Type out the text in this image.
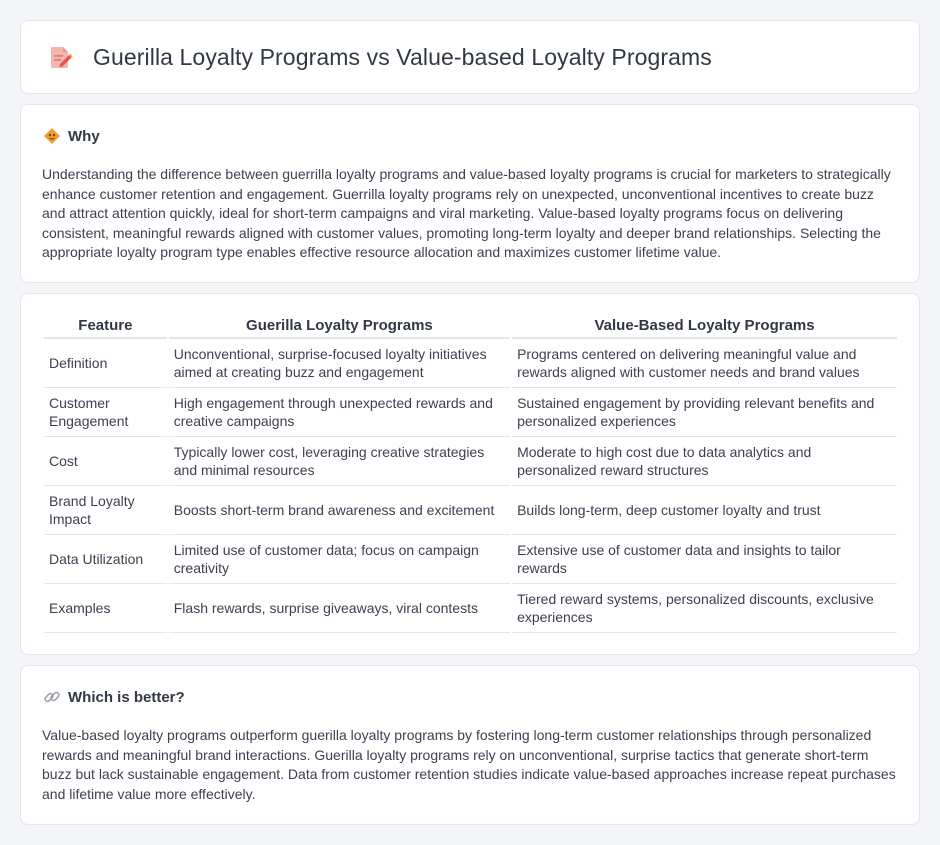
Guerilla Loyalty Programs vs Value-based Loyalty Programs
Why

Understanding the difference between guerrilla loyalty programs and value-based loyalty programs is crucial for marketers to strategically enhance customer retention and engagement. Guerrilla loyalty programs rely on unexpected, unconventional incentives to create buzz and attract attention quickly, ideal for short-term campaigns and viral marketing. Value-based loyalty programs focus on delivering consistent, meaningful rewards aligned with customer values, promoting long-term loyalty and deeper brand relationships. Selecting the appropriate loyalty program type enables effective resource allocation and maximizes customer lifetime value.

Feature	Guerilla Loyalty Programs	Value-Based Loyalty Programs
Definition	Unconventional, surprise-focused loyalty initiatives aimed at creating buzz and engagement	Programs centered on delivering meaningful value and rewards aligned with customer needs and brand values
Customer Engagement	High engagement through unexpected rewards and creative campaigns	Sustained engagement by providing relevant benefits and personalized experiences
Cost	Typically lower cost, leveraging creative strategies and minimal resources	Moderate to high cost due to data analytics and personalized reward structures
Brand Loyalty Impact	Boosts short-term brand awareness and excitement	Builds long-term, deep customer loyalty and trust
Data Utilization	Limited use of customer data; focus on campaign creativity	Extensive use of customer data and insights to tailor rewards
Examples	Flash rewards, surprise giveaways, viral contests	Tiered reward systems, personalized discounts, exclusive experiences
Which is better?

Value-based loyalty programs outperform guerilla loyalty programs by fostering long-term customer relationships through personalized rewards and meaningful brand interactions. Guerilla loyalty programs rely on unconventional, surprise tactics that generate short-term buzz but lack sustainable engagement. Data from customer retention studies indicate value-based approaches increase repeat purchases and lifetime value more effectively.
